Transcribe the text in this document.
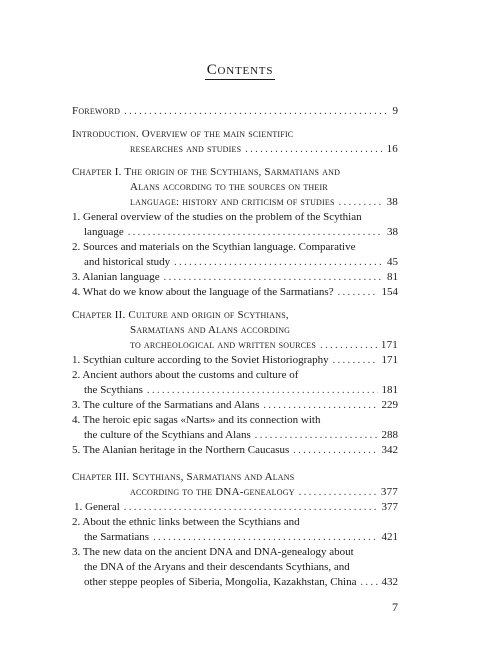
Contents
Foreword . . .	9
Introduction. Overview of the main scientific
researches and studies . . .	16
Chapter I. The origin of the Scythians, Sarmatians and
Alans according to the sources on their
language: history and criticism of studies . . .	38
1. General overview of the studies on the problem of the Scythian
language . . .	38
2. Sources and materials on the Scythian language. Comparative
and historical study . . .	45
3. Alanian language . . .	81
4. What do we know about the language of the Sarmatians? . . .	154
Chapter II. Culture and origin of Scythians,
Sarmatians and Alans according
to archeological and written sources . . .	171
1. Scythian culture according to the Soviet Historiography . . .	171
2. Ancient authors about the customs and culture of
the Scythians . . .	181
3. The culture of the Sarmatians and Alans . . .	229
4. The heroic epic sagas «Narts» and its connection with
the culture of the Scythians and Alans . . .	288
5. The Alanian heritage in the Northern Caucasus . . .	342
Chapter III. Scythians, Sarmatians and Alans
according to the DNA-genealogy . . .	377
1. General . . .	377
2. About the ethnic links between the Scythians and
the Sarmatians . . .	421
3. The new data on the ancient DNA and DNA-genealogy about
the DNA of the Aryans and their descendants Scythians, and
other steppe peoples of Siberia, Mongolia, Kazakhstan, China . . . 432
7
